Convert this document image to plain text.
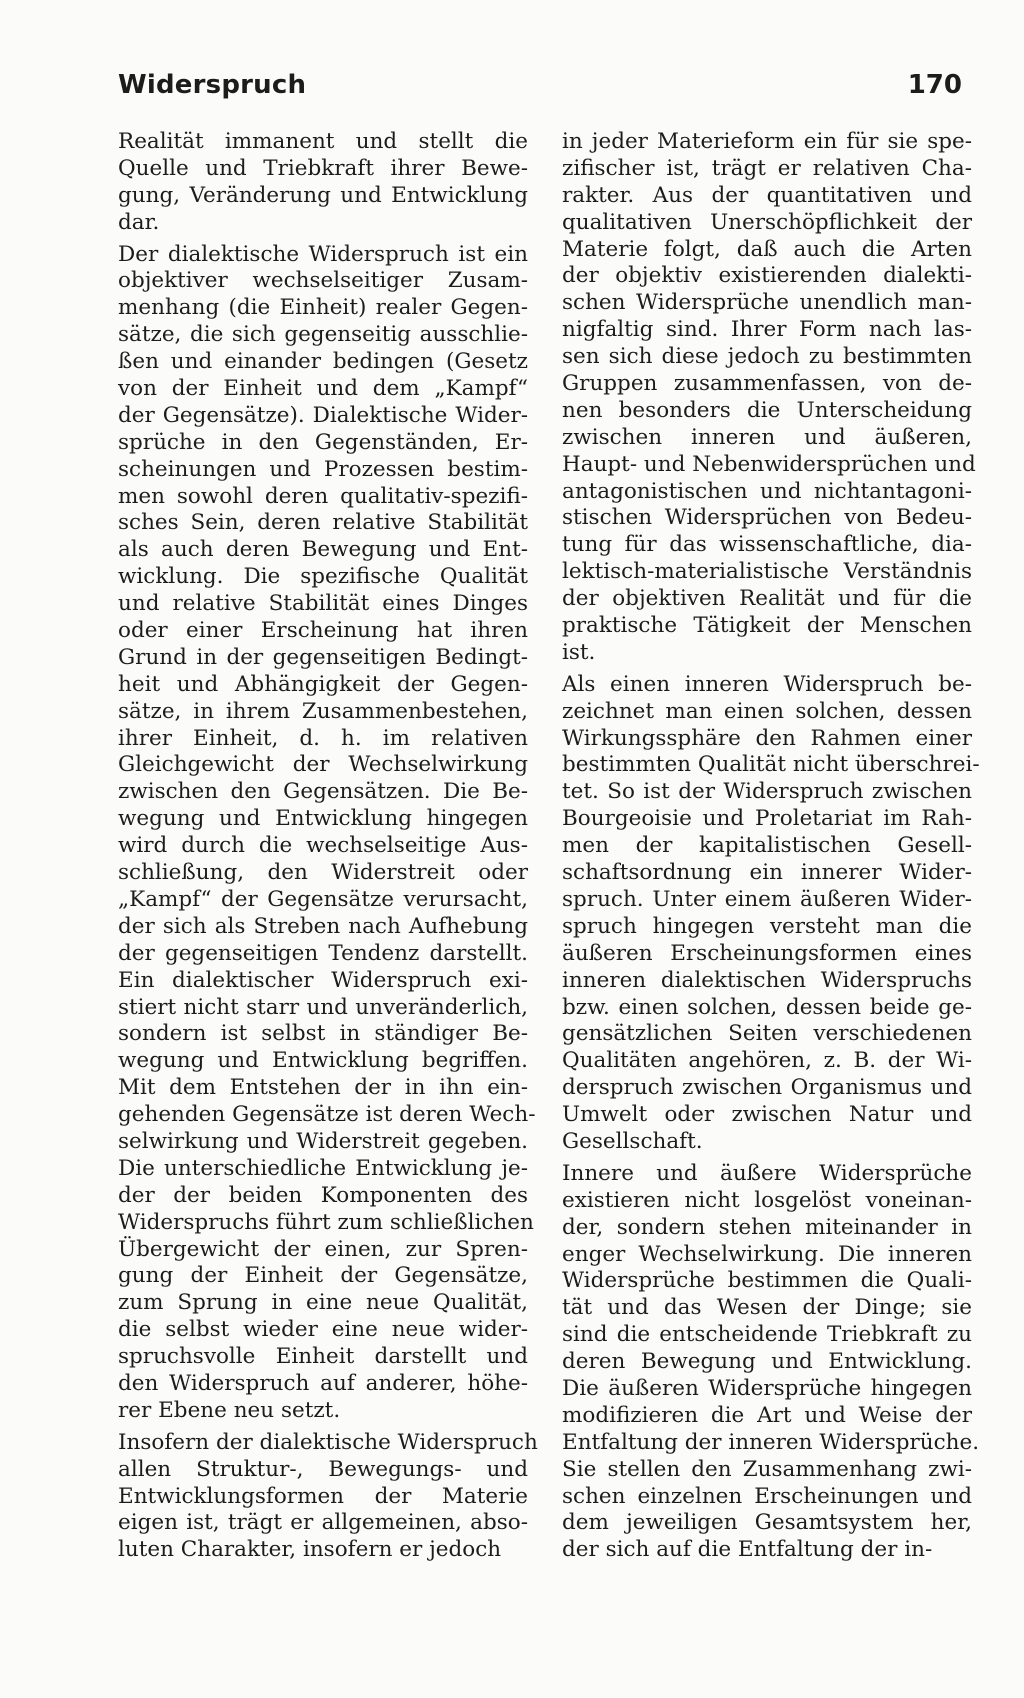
Widerspruch	170
Realität immanent und stellt die
Quelle und Triebkraft ihrer Bewe-
gung, Veränderung und Entwicklung
dar.
Der dialektische Widerspruch ist ein
objektiver wechselseitiger Zusam-
menhang (die Einheit) realer Gegen-
sätze, die sich gegenseitig ausschlie-
ßen und einander bedingen (Gesetz
von der Einheit und dem „Kampf“
der Gegensätze). Dialektische Wider-
sprüche in den Gegenständen, Er-
scheinungen und Prozessen bestim-
men sowohl deren qualitativ-spezifi-
sches Sein, deren relative Stabilität
als auch deren Bewegung und Ent-
wicklung. Die spezifische Qualität
und relative Stabilität eines Dinges
oder einer Erscheinung hat ihren
Grund in der gegenseitigen Bedingt-
heit und Abhängigkeit der Gegen-
sätze, in ihrem Zusammenbestehen,
ihrer Einheit, d. h. im relativen
Gleichgewicht der Wechselwirkung
zwischen den Gegensätzen. Die Be-
wegung und Entwicklung hingegen
wird durch die wechselseitige Aus-
schließung, den Widerstreit oder
„Kampf“ der Gegensätze verursacht,
der sich als Streben nach Aufhebung
der gegenseitigen Tendenz darstellt.
Ein dialektischer Widerspruch exi-
stiert nicht starr und unveränderlich,
sondern ist selbst in ständiger Be-
wegung und Entwicklung begriffen.
Mit dem Entstehen der in ihn ein-
gehenden Gegensätze ist deren Wech-
selwirkung und Widerstreit gegeben.
Die unterschiedliche Entwicklung je-
der der beiden Komponenten des
Widerspruchs führt zum schließlichen
Übergewicht der einen, zur Spren-
gung der Einheit der Gegensätze,
zum Sprung in eine neue Qualität,
die selbst wieder eine neue wider-
spruchsvolle Einheit darstellt und
den Widerspruch auf anderer, höhe-
rer Ebene neu setzt.
Insofern der dialektische Widerspruch
allen Struktur-, Bewegungs- und
Entwicklungsformen der Materie
eigen ist, trägt er allgemeinen, abso-
luten Charakter, insofern er jedoch
in jeder Materieform ein für sie spe-
zifischer ist, trägt er relativen Cha-
rakter. Aus der quantitativen und
qualitativen Unerschöpflichkeit der
Materie folgt, daß auch die Arten
der objektiv existierenden dialekti-
schen Widersprüche unendlich man-
nigfaltig sind. Ihrer Form nach las-
sen sich diese jedoch zu bestimmten
Gruppen zusammenfassen, von de-
nen besonders die Unterscheidung
zwischen inneren und äußeren,
Haupt- und Nebenwidersprüchen und
antagonistischen und nichtantagoni-
stischen Widersprüchen von Bedeu-
tung für das wissenschaftliche, dia-
lektisch-materialistische Verständnis
der objektiven Realität und für die
praktische Tätigkeit der Menschen
ist.
Als einen inneren Widerspruch be-
zeichnet man einen solchen, dessen
Wirkungssphäre den Rahmen einer
bestimmten Qualität nicht überschrei-
tet. So ist der Widerspruch zwischen
Bourgeoisie und Proletariat im Rah-
men der kapitalistischen Gesell-
schaftsordnung ein innerer Wider-
spruch. Unter einem äußeren Wider-
spruch hingegen versteht man die
äußeren Erscheinungsformen eines
inneren dialektischen Widerspruchs
bzw. einen solchen, dessen beide ge-
gensätzlichen Seiten verschiedenen
Qualitäten angehören, z. B. der Wi-
derspruch zwischen Organismus und
Umwelt oder zwischen Natur und
Gesellschaft.
Innere und äußere Widersprüche
existieren nicht losgelöst voneinan-
der, sondern stehen miteinander in
enger Wechselwirkung. Die inneren
Widersprüche bestimmen die Quali-
tät und das Wesen der Dinge; sie
sind die entscheidende Triebkraft zu
deren Bewegung und Entwicklung.
Die äußeren Widersprüche hingegen
modifizieren die Art und Weise der
Entfaltung der inneren Widersprüche.
Sie stellen den Zusammenhang zwi-
schen einzelnen Erscheinungen und
dem jeweiligen Gesamtsystem her,
der sich auf die Entfaltung der in-
